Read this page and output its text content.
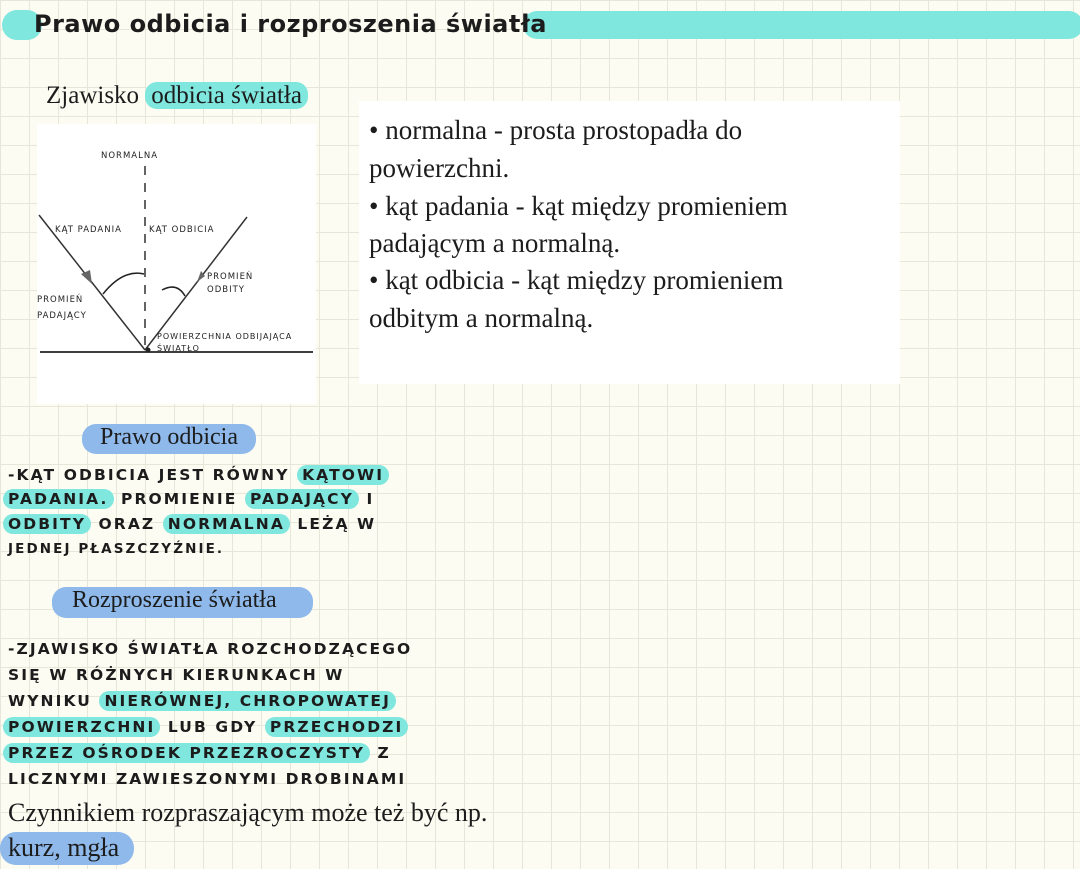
Prawo odbicia i rozproszenia światła
Zjawisko odbicia światła
NORMALNA
KĄT PADANIA	KĄT ODBICIA
PROMIEŃ
ODBITY
PROMIEŃ
PADAJĄCY
POWIERZCHNIA ODBIJAJĄCA
ŚWIATŁO
• normalna - prosta prostopadła do
powierzchni.
• kąt padania - kąt między promieniem
padającym a normalną.
• kąt odbicia - kąt między promieniem
odbitym a normalną.
Prawo odbicia
-KĄT ODBICIA JEST RÓWNY KĄTOWI
PADANIA. PROMIENIE PADAJĄCY I
ODBITY ORAZ NORMALNA LEŻĄ W
JEDNEJ PŁASZCZYŹNIE.
Rozproszenie światła
-ZJAWISKO ŚWIATŁA ROZCHODZĄCEGO
SIĘ W RÓŻNYCH KIERUNKACH W
WYNIKU NIERÓWNEJ, CHROPOWATEJ
POWIERZCHNI LUB GDY PRZECHODZI
PRZEZ OŚRODEK PRZEZROCZYSTY Z
LICZNYMI ZAWIESZONYMI DROBINAMI
Czynnikiem rozpraszającym może też być np.
kurz, mgła
